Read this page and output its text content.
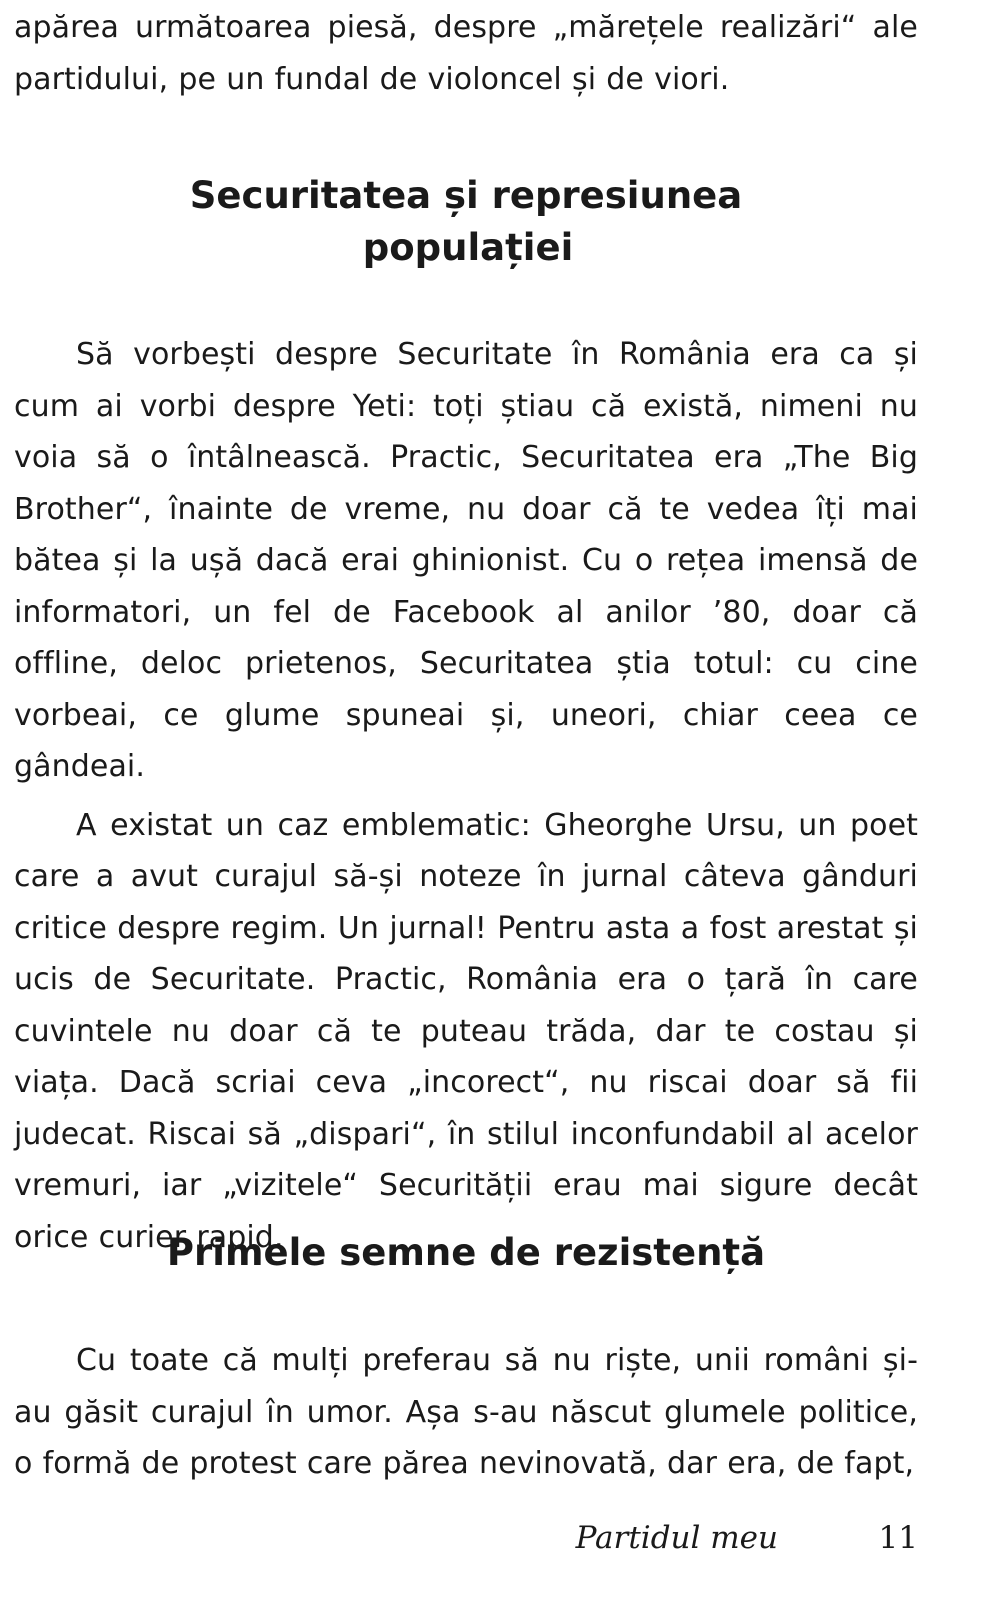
apărea următoarea piesă, despre „mărețele realizări“ ale partidului, pe un fundal de violoncel și de viori.

Securitatea și represiunea
populației

Să vorbești despre Securitate în România era ca și cum ai vorbi despre Yeti: toți știau că există, nimeni nu voia să o întâlnească. Practic, Securitatea era „The Big Brother“, înainte de vreme, nu doar că te vedea îți mai bătea și la ușă dacă erai ghinionist. Cu o rețea imensă de informatori, un fel de Facebook al anilor ’80, doar că offline, deloc prietenos, Securitatea știa totul: cu cine vorbeai, ce glume spuneai și, uneori, chiar ceea ce gândeai.

A existat un caz emblematic: Gheorghe Ursu, un poet care a avut curajul să-și noteze în jurnal câteva gânduri critice despre regim. Un jurnal! Pentru asta a fost arestat și ucis de Securitate. Practic, România era o țară în care cuvintele nu doar că te puteau trăda, dar te costau și viața. Dacă scriai ceva „incorect“, nu riscai doar să fii judecat. Riscai să „dispari“, în stilul inconfundabil al acelor vremuri, iar „vizitele“ Securității erau mai sigure decât orice curier rapid.

Primele semne de rezistență

Cu toate că mulți preferau să nu riște, unii români și-au găsit curajul în umor. Așa s-au născut glumele politice, o formă de protest care părea nevinovată, dar era, de fapt,

Partidul meu	11
